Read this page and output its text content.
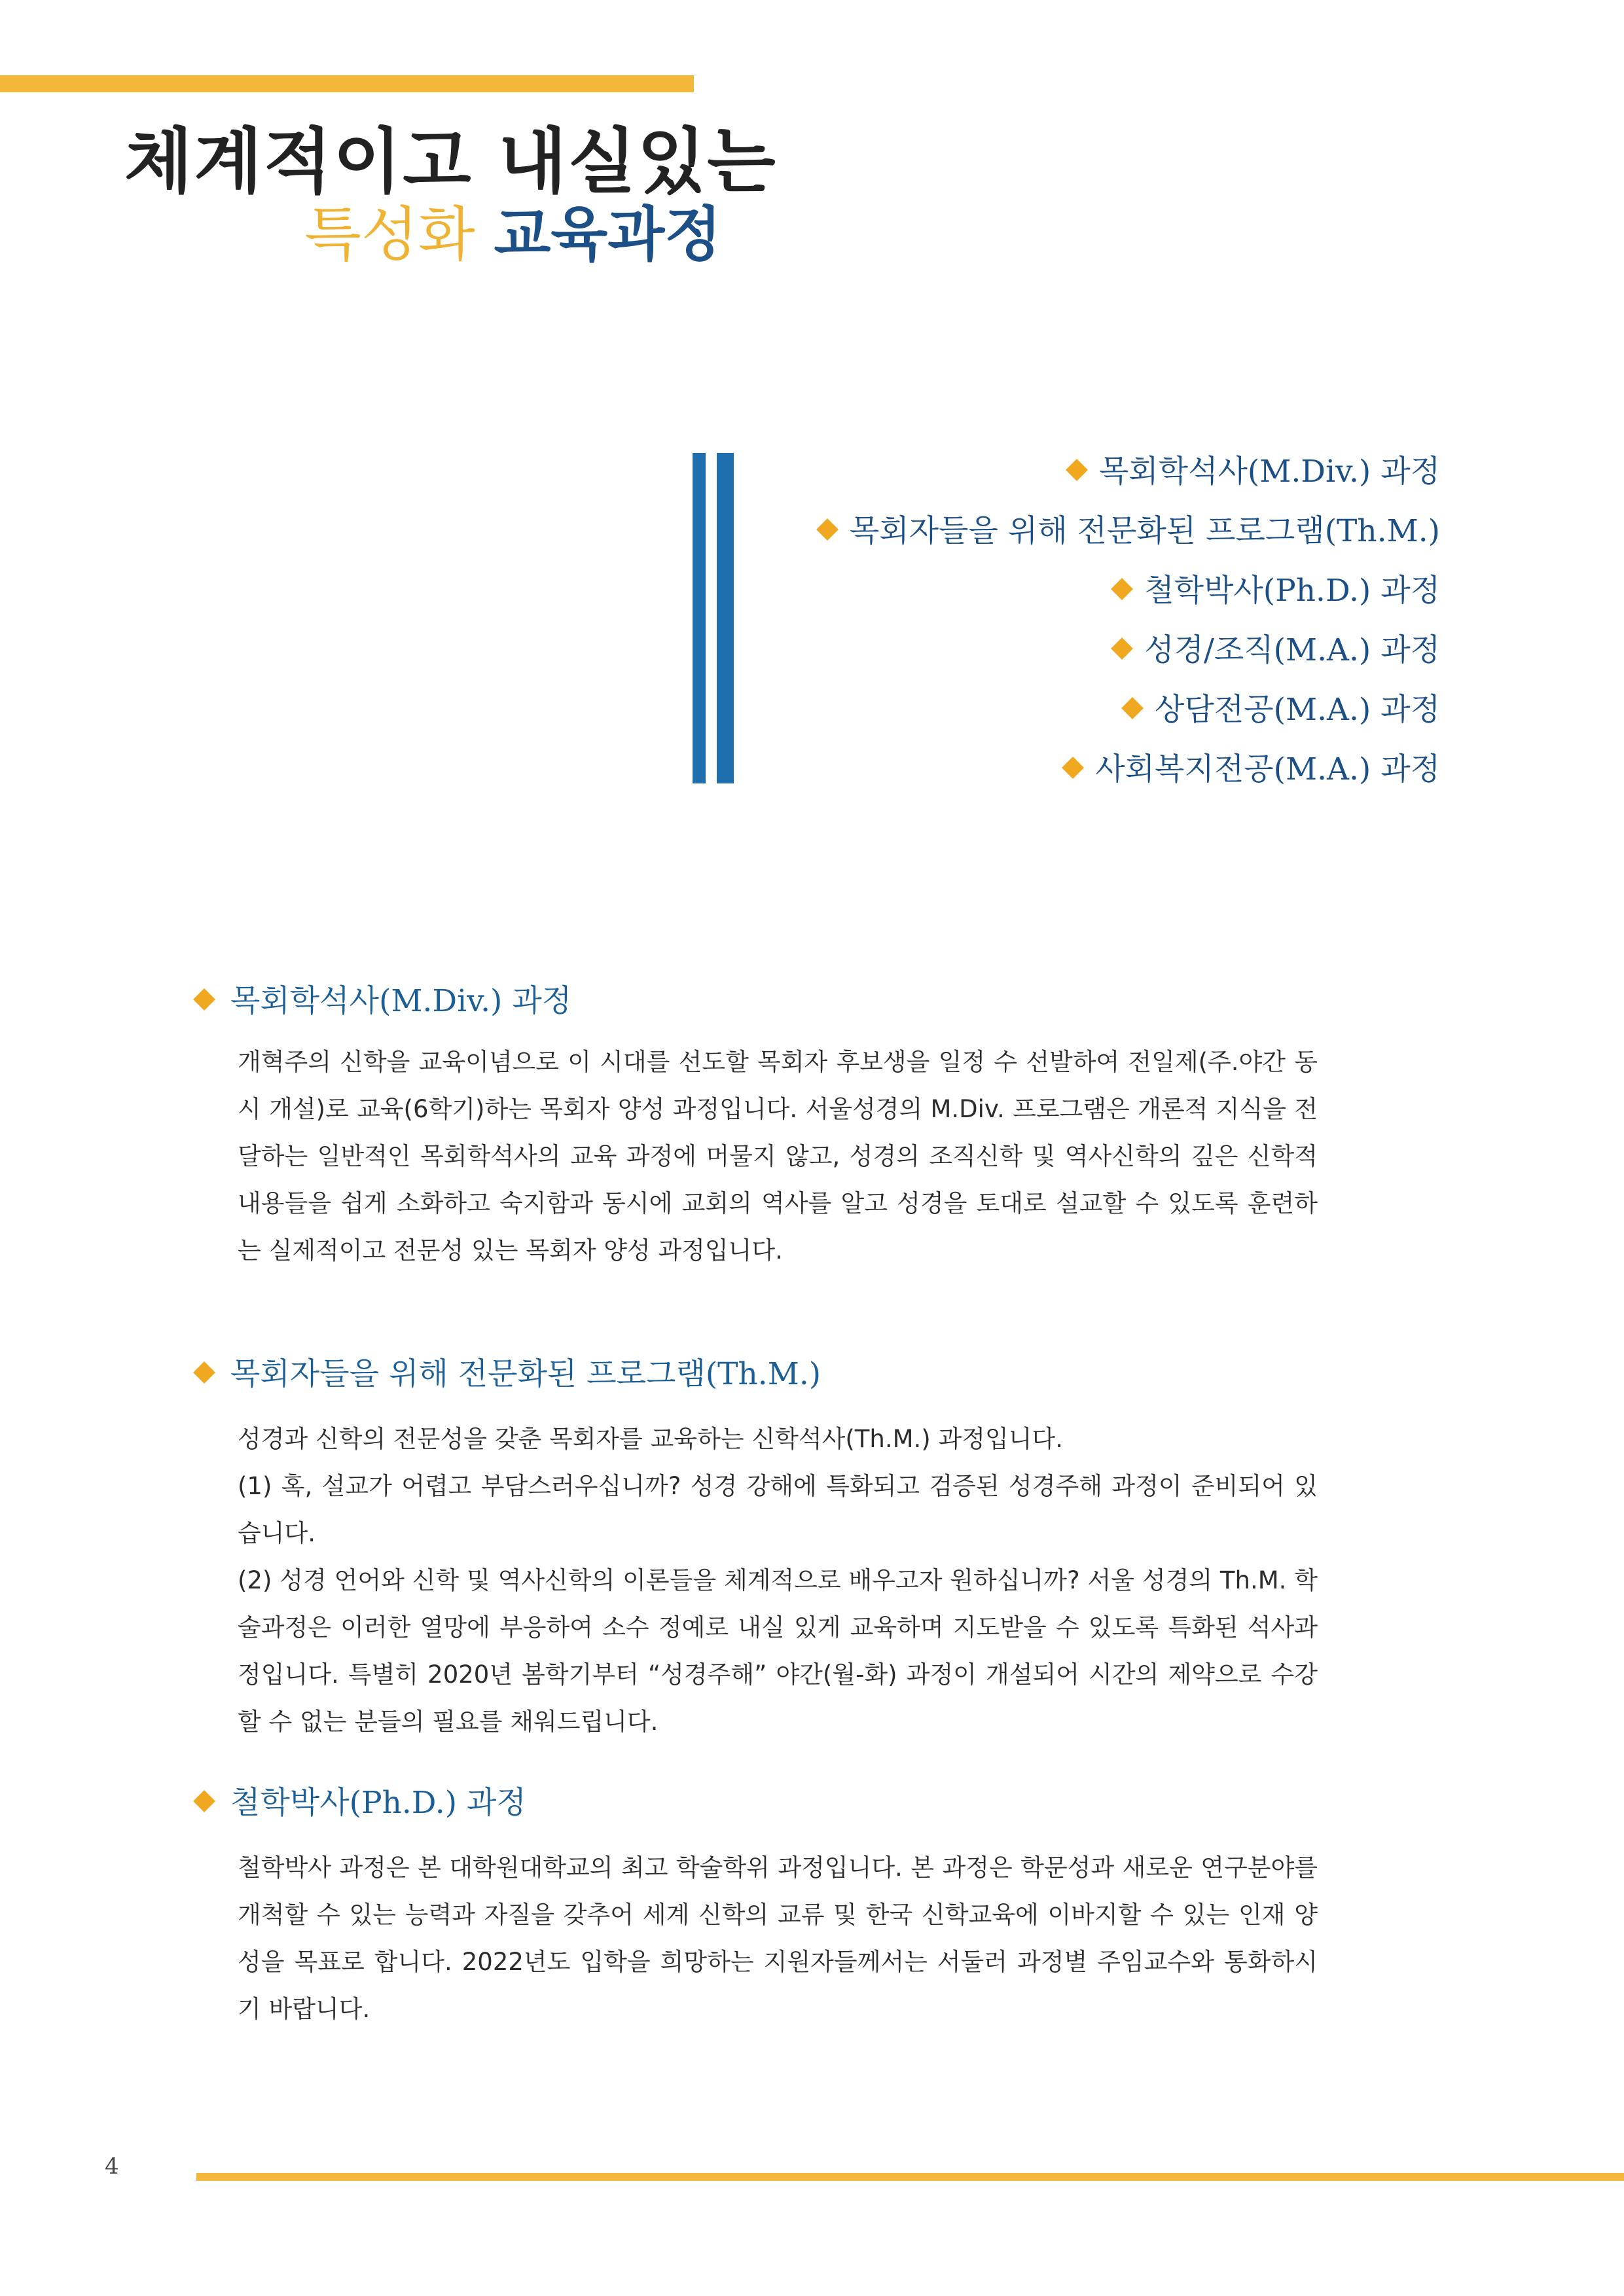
체계적이고 내실있는
특성화 교육과정
목회학석사(M.Div.) 과정
목회자들을 위해 전문화된 프로그램(Th.M.)
철학박사(Ph.D.) 과정
성경/조직(M.A.) 과정
상담전공(M.A.) 과정
사회복지전공(M.A.) 과정
목회학석사(M.Div.) 과정

개혁주의 신학을 교육이념으로 이 시대를 선도할 목회자 후보생을 일정 수 선발하여 전일제(주.야간 동시 개설)로 교육(6학기)하는 목회자 양성 과정입니다. 서울성경의 M.Div. 프로그램은 개론적 지식을 전달하는 일반적인 목회학석사의 교육 과정에 머물지 않고, 성경의 조직신학 및 역사신학의 깊은 신학적 내용들을 쉽게 소화하고 숙지함과 동시에 교회의 역사를 알고 성경을 토대로 설교할 수 있도록 훈련하는 실제적이고 전문성 있는 목회자 양성 과정입니다.

목회자들을 위해 전문화된 프로그램(Th.M.)

성경과 신학의 전문성을 갖춘 목회자를 교육하는 신학석사(Th.M.) 과정입니다.

(1) 혹, 설교가 어렵고 부담스러우십니까? 성경 강해에 특화되고 검증된 성경주해 과정이 준비되어 있습니다.

(2) 성경 언어와 신학 및 역사신학의 이론들을 체계적으로 배우고자 원하십니까? 서울 성경의 Th.M. 학술과정은 이러한 열망에 부응하여 소수 정예로 내실 있게 교육하며 지도받을 수 있도록 특화된 석사과정입니다. 특별히 2020년 봄학기부터 “성경주해” 야간(월-화) 과정이 개설되어 시간의 제약으로 수강할 수 없는 분들의 필요를 채워드립니다.

철학박사(Ph.D.) 과정

철학박사 과정은 본 대학원대학교의 최고 학술학위 과정입니다. 본 과정은 학문성과 새로운 연구분야를 개척할 수 있는 능력과 자질을 갖추어 세계 신학의 교류 및 한국 신학교육에 이바지할 수 있는 인재 양성을 목표로 합니다. 2022년도 입학을 희망하는 지원자들께서는 서둘러 과정별 주임교수와 통화하시기 바랍니다.

4
